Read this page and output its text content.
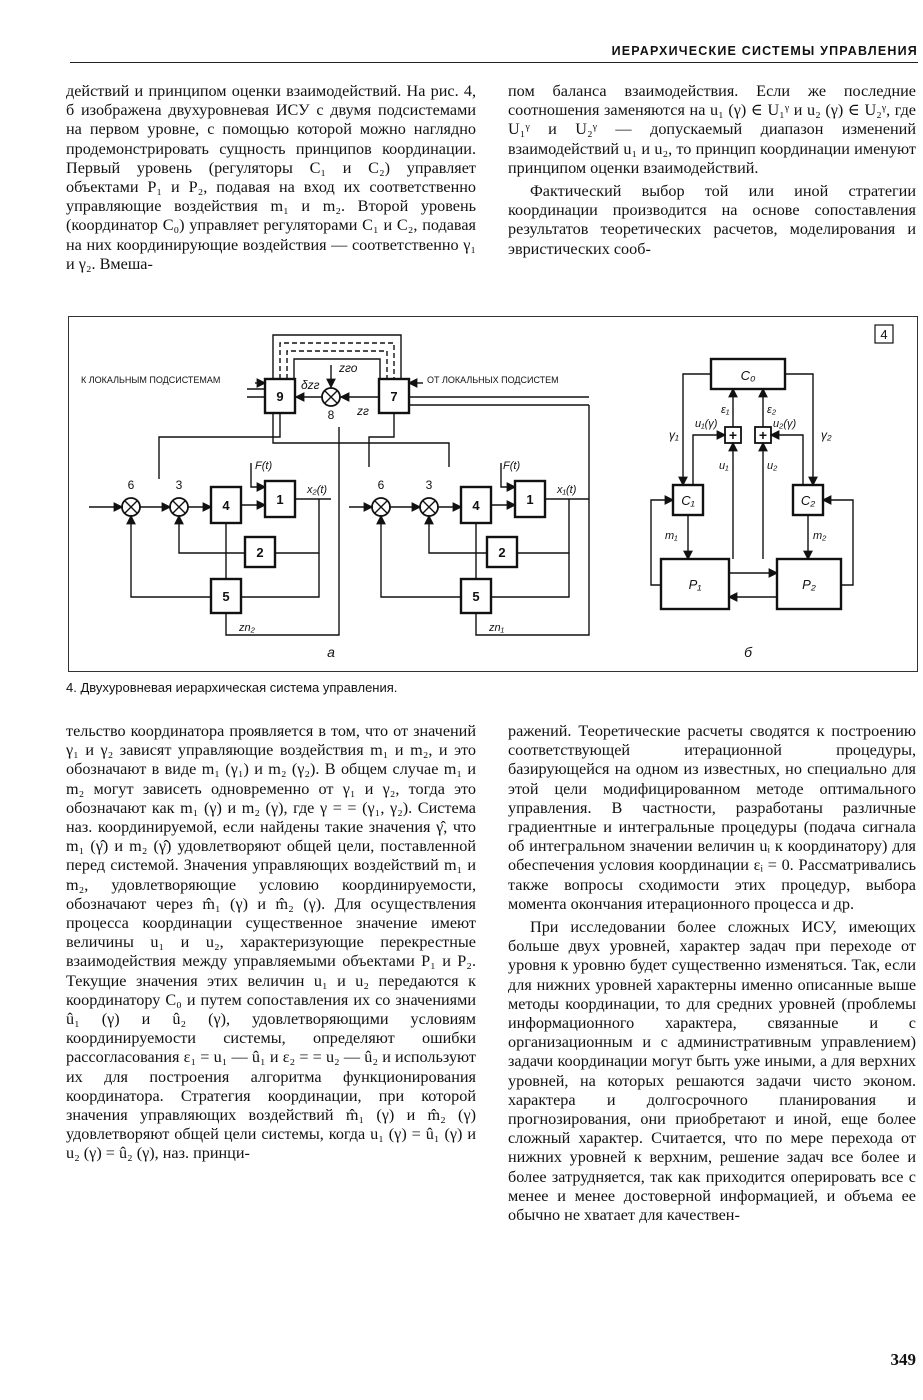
ИЕРАРХИЧЕСКИЕ СИСТЕМЫ УПРАВЛЕНИЯ

действий и принципом оценки взаимодействий. На рис. 4, б изображена двухуровневая ИСУ с двумя подсистемами на первом уровне, с помощью которой можно наглядно продемонстрировать сущность принципов координации. Первый уровень (регуляторы C₁ и C₂) управляет объектами P₁ и P₂, подавая на вход их соответственно управляющие воздействия m₁ и m₂. Второй уровень (координатор C₀) управляет регуляторами C₁ и C₂, подавая на них координирующие воздействия — соответственно γ₁ и γ₂. Вмеша-

пом баланса взаимодействия. Если же последние соотношения заменяются на u₁ (γ) ∈ U₁ᵞ и u₂ (γ) ∈ U₂ᵞ, где U₁ᵞ и U₂ᵞ — допускаемый диапазон изменений взаимодействий u₁ и u₂, то принцип координации именуют принципом оценки взаимодействий.

Фактический выбор той или иной стратегии координации производится на основе сопоставления результатов теоретических расчетов, моделирования и эвристических соoб-

4
9	7
8
zго
δzг
zг
К ЛОКАЛЬНЫМ ПОДСИСТЕМАМ	ОТ ЛОКАЛЬНЫХ ПОДСИСТЕМ
6	3
4	1
2
5
F(t)
x₂(t)
zn₂
6	3
4	1
2
5
F(t)
x₁(t)
zn₁
а
C₀
C₁	C₂
P₁	P₂
+ +
γ₁	γ₂
u₁(γ)	u₂(γ)
ε₁	ε₂
u₁	u₂
m₁	m₂
б
4. Двухуровневая иерархическая система управления.

тельство координатора проявляется в том, что от значений γ₁ и γ₂ зависят управляющие воздействия m₁ и m₂, и это обозначают в виде m₁ (γ₁) и m₂ (γ₂). В общем случае m₁ и m₂ могут зависеть одновременно от γ₁ и γ₂, тогда это обозначают как m₁ (γ) и m₂ (γ), где γ = = (γ₁, γ₂). Система наз. координируемой, если найдены такие значения γ̂, что m₁ (γ̂) и m₂ (γ̂) удовлетворяют общей цели, поставленной перед системой. Значения управляющих воздействий m₁ и m₂, удовлетворяющие условию координируемости, обозначают через m̂₁ (γ) и m̂₂ (γ). Для осуществления процесса координации существенное значение имеют величины u₁ и u₂, характеризующие перекрестные взаимодействия между управляемыми объектами P₁ и P₂. Текущие значения этих величин u₁ и u₂ передаются к координатору C₀ и путем сопоставления их со значениями û₁ (γ) и û₂ (γ), удовлетворяющими условиям координируемости системы, определяют ошибки рассогласования ε₁ = u₁ — û₁ и ε₂ = = u₂ — û₂ и используют их для построения алгоритма функционирования координатора. Стратегия координации, при которой значения управляющих воздействий m̂₁ (γ) и m̂₂ (γ) удовлетворяют общей цели системы, когда u₁ (γ) = û₁ (γ) и u₂ (γ) = û₂ (γ), наз. принци-

ражений. Теоретические расчеты сводятся к построению соответствующей итерационной процедуры, базирующейся на одном из известных, но специально для этой цели модифицированном методе оптимального управления. В частности, разработаны различные градиентные и интегральные процедуры (подача сигнала об интегральном значении величин uᵢ к координатору) для обеспечения условия координации εᵢ = 0. Рассматривались также вопросы сходимости этих процедур, выбора момента окончания итерационного процесса и др.

При исследовании более сложных ИСУ, имеющих больше двух уровней, характер задач при переходе от уровня к уровню будет существенно изменяться. Так, если для нижних уровней характерны именно описанные выше методы координации, то для средних уровней (проблемы информационного характера, связанные и с организационным и с административным управлением) задачи координации могут быть уже иными, а для верхних уровней, на которых решаются задачи чисто эконом. характера и долгосрочного планирования и прогнозирования, они приобретают и иной, еще более сложный характер. Считается, что по мере перехода от нижних уровней к верхним, решение задач все более и более затрудняется, так как приходится оперировать все с менее и менее достоверной информацией, и объема ее обычно не хватает для качествен-

349
